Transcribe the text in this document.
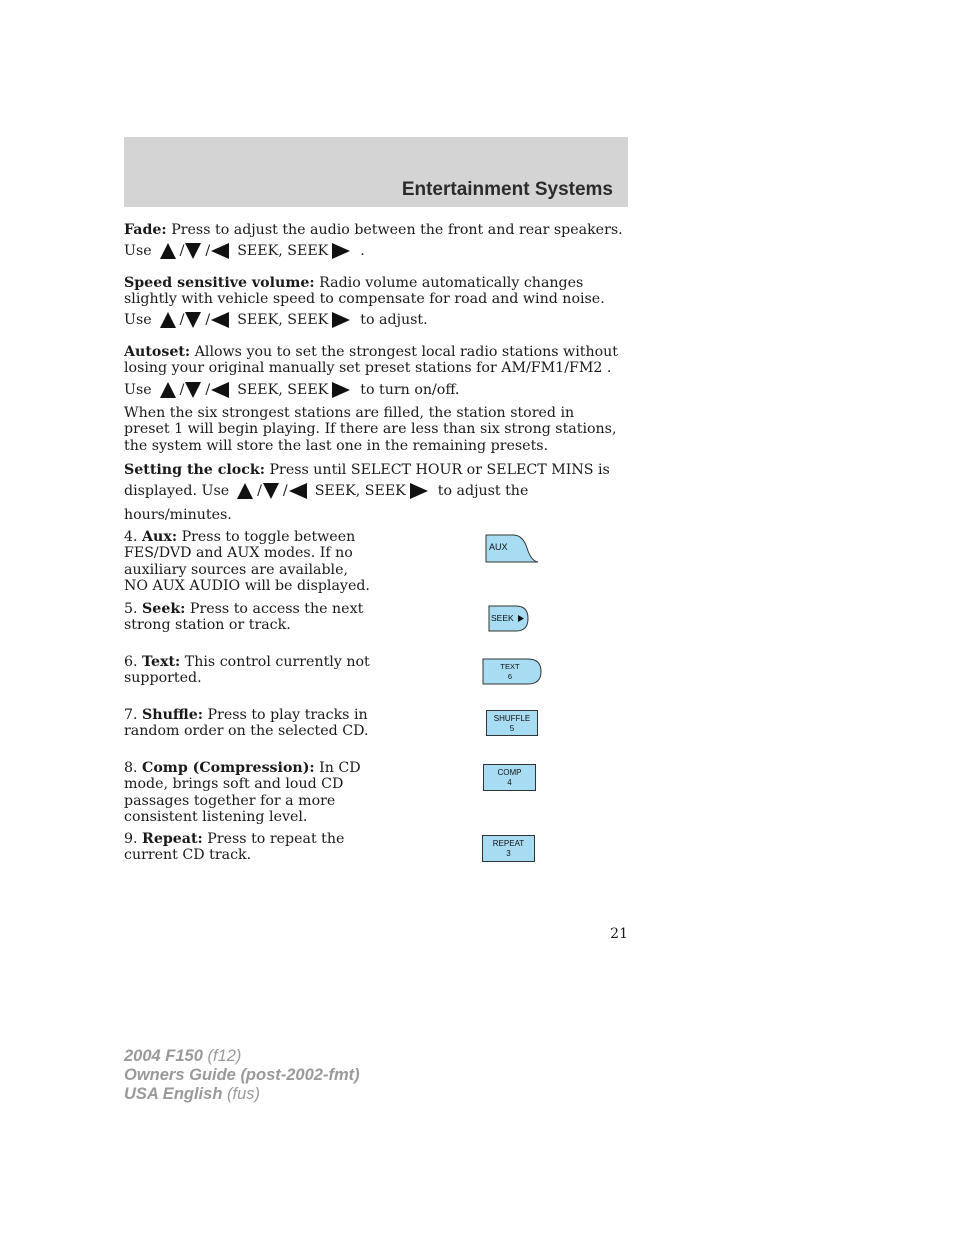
Entertainment Systems
Fade: Press to adjust the audio between the front and rear speakers.
Use / / SEEK, SEEK .
Speed sensitive volume: Radio volume automatically changes slightly with vehicle speed to compensate for road and wind noise.
Use / / SEEK, SEEK to adjust.
Autoset: Allows you to set the strongest local radio stations without losing your original manually set preset stations for AM/FM1/FM2 .
Use / / SEEK, SEEK to turn on/off.
When the six strongest stations are filled, the station stored in preset 1 will begin playing. If there are less than six strong stations, the system will store the last one in the remaining presets.
Setting the clock: Press until SELECT HOUR or SELECT MINS is
displayed. Use / / SEEK, SEEK to adjust the
hours/minutes.
4. Aux: Press to toggle between FES/DVD and AUX modes. If no auxiliary sources are available, NO AUX AUDIO will be displayed.
AUX
5. Seek: Press to access the next strong station or track.	SEEK
6. Text: This control currently not supported.
TEXT
6
7. Shuffle: Press to play tracks in random order on the selected CD.
SHUFFLE
5
8. Comp (Compression): In CD mode, brings soft and loud CD passages together for a more consistent listening level.
COMP
4
9. Repeat: Press to repeat the current CD track.
REPEAT
3
21
2004 F150 (f12)
Owners Guide (post-2002-fmt)
USA English (fus)
